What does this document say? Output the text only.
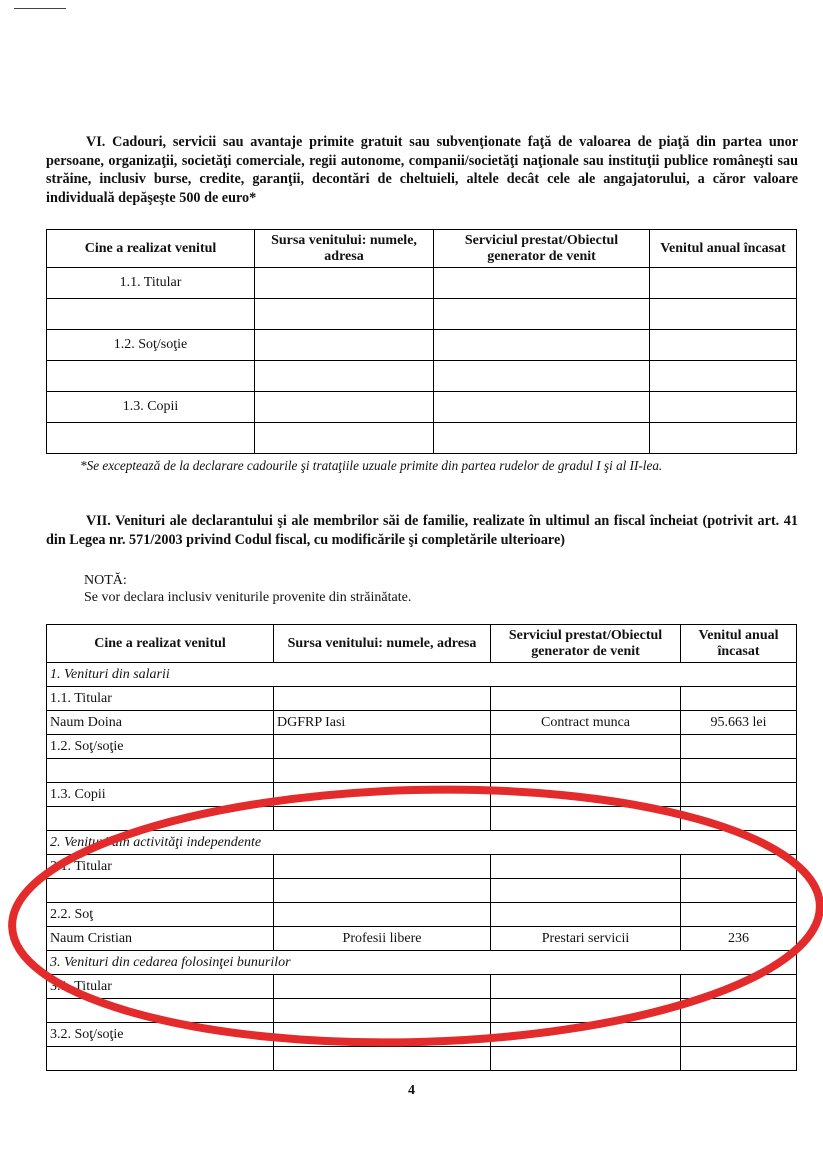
VI. Cadouri, servicii sau avantaje primite gratuit sau subvenţionate faţă de valoarea de piaţă din partea unor persoane, organizaţii, societăţi comerciale, regii autonome, companii/societăţi naţionale sau instituţii publice româneşti sau străine, inclusiv burse, credite, garanţii, decontări de cheltuieli, altele decât cele ale angajatorului, a căror valoare individuală depăşeşte 500 de euro*

Cine a realizat venitul	Sursa venitului: numele, adresa	Serviciul prestat/Obiectul generator de venit	Venitul anual încasat
1.1. Titular			

1.2. Soţ/soţie			

1.3. Copii			

*Se exceptează de la declarare cadourile şi trataţiile uzuale primite din partea rudelor de gradul I şi al II-lea.

VII. Venituri ale declarantului şi ale membrilor săi de familie, realizate în ultimul an fiscal încheiat (potrivit art. 41 din Legea nr. 571/2003 privind Codul fiscal, cu modificările şi completările ulterioare)

NOTĂ:
Se vor declara inclusiv veniturile provenite din străinătate.
Cine a realizat venitul	Sursa venitului: numele, adresa	Serviciul prestat/Obiectul generator de venit	Venitul anual încasat
1. Venituri din salarii			
1.1. Titular			
Naum Doina	DGFRP Iasi	Contract munca	95.663 lei
1.2. Soţ/soţie			

1.3. Copii			

2. Venituri din activităţi independente			
2.1. Titular			

2.2. Soţ			
Naum Cristian	Profesii libere	Prestari servicii	236
3. Venituri din cedarea folosinţei bunurilor			
3.1. Titular			

3.2. Soţ/soţie			

4
